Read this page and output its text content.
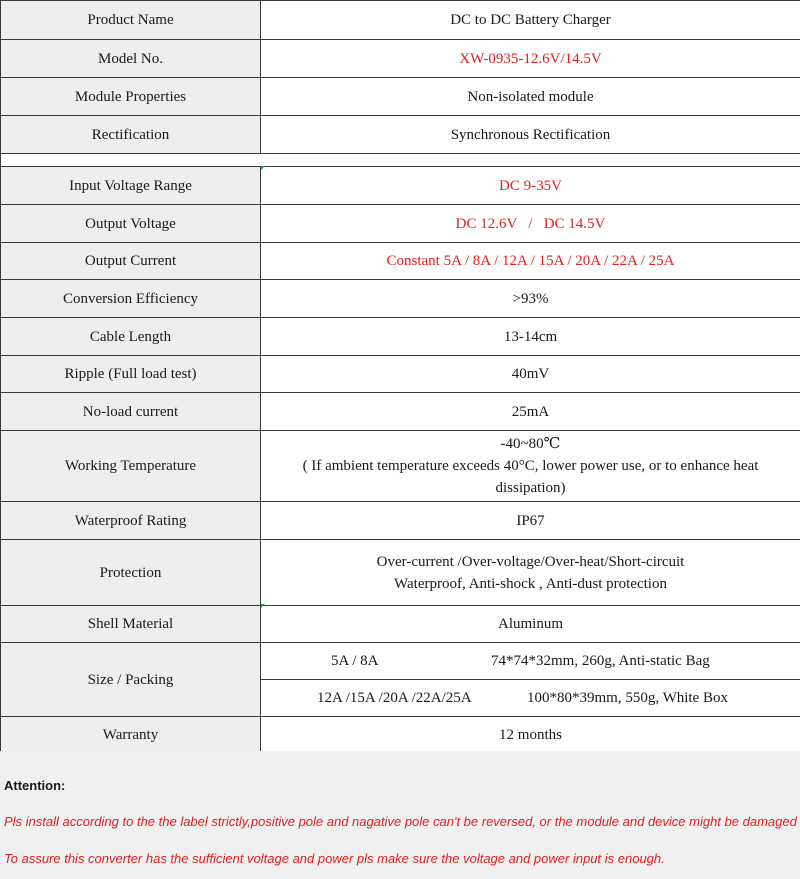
Product Name	DC to DC Battery Charger
Model No.	XW-0935-12.6V/14.5V
Module Properties	Non-isolated module
Rectification	Synchronous Rectification

Input Voltage Range	DC 9-35V
Output Voltage	DC 12.6V   /   DC 14.5V
Output Current	Constant 5A / 8A / 12A / 15A / 20A / 22A / 25A
Conversion Efficiency	>93%
Cable Length	13-14cm
Ripple (Full load test)	40mV
No-load current	25mA
Working Temperature	-40~80℃
( If ambient temperature exceeds 40°C, lower power use, or to enhance heat
dissipation)

Waterproof Rating	IP67
Protection	Over-current /Over-voltage/Over-heat/Short-circuit
Waterproof, Anti-shock , Anti-dust protection

Shell Material	Aluminum
Size / Packing	5A / 8A 74*74*32mm, 260g, Anti-static Bag

12A /15A /20A /22A/25A 100*80*39mm, 550g, White Box

Warranty	12 months
Attention:
Pls install according to the the label strictly,positive pole and nagative pole can't be reversed, or the module and device might be damaged
To assure this converter has the sufficient voltage and power pls make sure the voltage and power input is enough.
